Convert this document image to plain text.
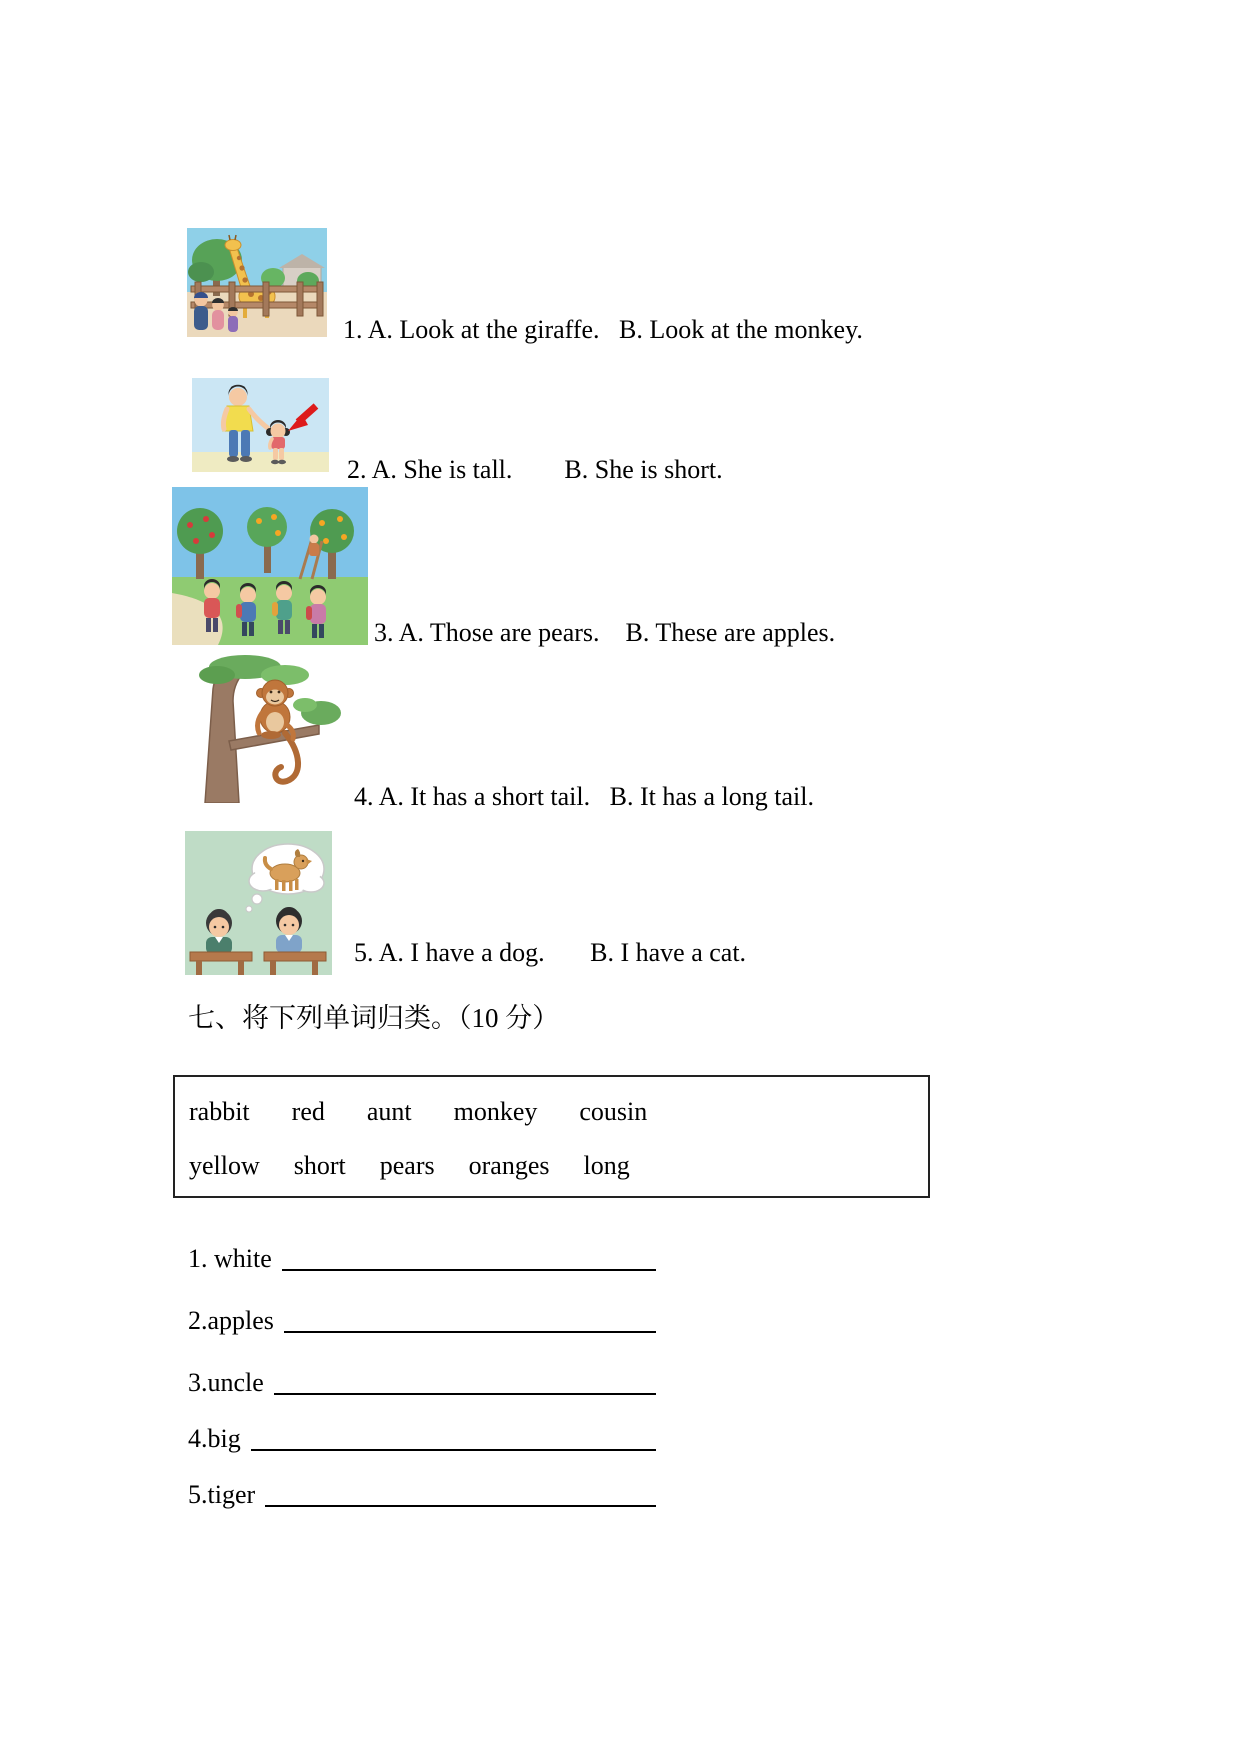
1. A. Look at the giraffe.   B. Look at the monkey.
2. A. She is tall.        B. She is short.
3. A. Those are pears.    B. These are apples.
4. A. It has a short tail.   B. It has a long tail.
5. A. I have a dog.       B. I have a cat.
七、将下列单词归类。（10 分）
rabbit red aunt monkey cousin
yellow short pears oranges long
1. white
2.apples
3.uncle
4.big
5.tiger
